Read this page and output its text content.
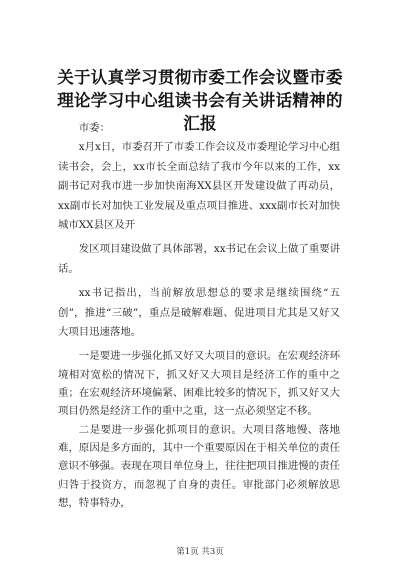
关于认真学习贯彻市委工作会议暨市委理论学习中心组读书会有关讲话精神的汇报

市委：

x月x日，市委召开了市委工作会议及市委理论学习中心组读书会，会上，xx市长全面总结了我市今年以来的工作，xx副书记对我市进一步加快南海XX县区开发建设做了再动员，xx副市长对加快工业发展及重点项目推进、xxx副市长对加快城市XX县区及开

发区项目建设做了具体部署，xx书记在会议上做了重要讲话。

xx书记指出，当前解放思想总的要求是继续围绕“五创”，推进“三破”，重点是破解难题、促进项目尤其是又好又大项目迅速落地。

一是要进一步强化抓又好又大项目的意识。在宏观经济环境相对宽松的情况下，抓又好又大项目是经济工作的重中之重；在宏观经济环境偏紧、困难比较多的情况下，抓又好又大项目仍然是经济工作的重中之重，这一点必须坚定不移。

二是要进一步强化抓项目的意识。大项目落地慢、落地难，原因是多方面的，其中一个重要原因在于相关单位的责任意识不够强。表现在项目单位身上，往往把项目推进慢的责任归咎于投资方，而忽视了自身的责任。审批部门必须解放思想，特事特办，

第1页 共3页
